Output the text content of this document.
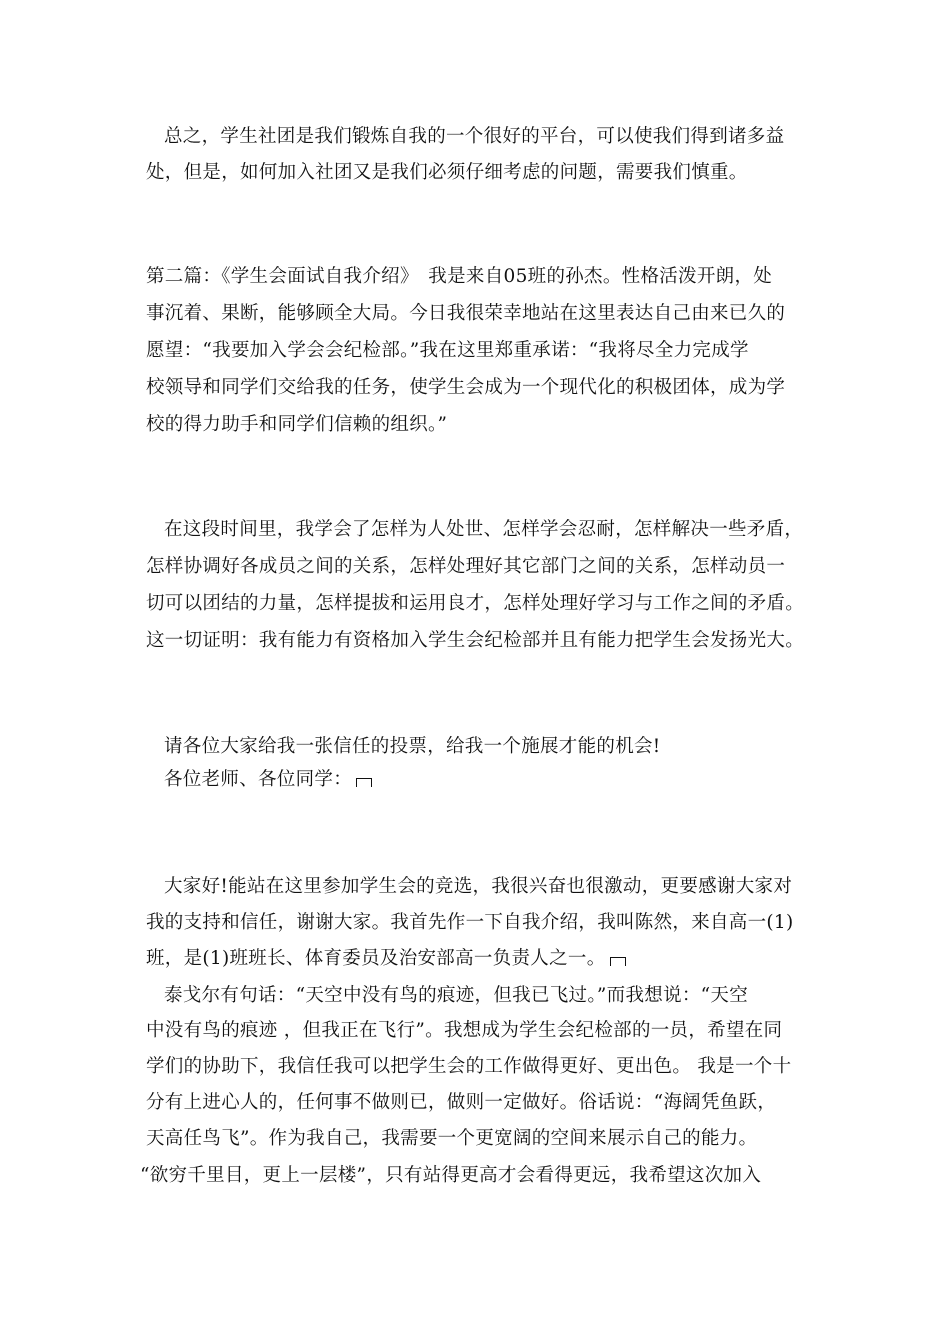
总之，学生社团是我们锻炼自我的一个很好的平台，可以使我们得到诸多益
处，但是，如何加入社团又是我们必须仔细考虑的问题，需要我们慎重。
第二篇：《学生会面试自我介绍》　我是来自05班的孙杰。性格活泼开朗，处
事沉着、果断，能够顾全大局。今日我很荣幸地站在这里表达自己由来已久的
愿望：“我要加入学会会纪检部。”我在这里郑重承诺：“我将尽全力完成学
校领导和同学们交给我的任务，使学生会成为一个现代化的积极团体，成为学
校的得力助手和同学们信赖的组织。”
在这段时间里，我学会了怎样为人处世、怎样学会忍耐，怎样解决一些矛盾，
怎样协调好各成员之间的关系，怎样处理好其它部门之间的关系，怎样动员一
切可以团结的力量，怎样提拔和运用良才，怎样处理好学习与工作之间的矛盾。
这一切证明：我有能力有资格加入学生会纪检部并且有能力把学生会发扬光大。
请各位大家给我一张信任的投票，给我一个施展才能的机会!
各位老师、各位同学：
大家好!能站在这里参加学生会的竞选，我很兴奋也很激动，更要感谢大家对
我的支持和信任，谢谢大家。我首先作一下自我介绍，我叫陈然，来自高一(1)
班，是(1)班班长、体育委员及治安部高一负责人之一。
泰戈尔有句话：“天空中没有鸟的痕迹，但我已飞过。”而我想说：“天空
中没有鸟的痕迹 ，但我正在飞行”。我想成为学生会纪检部的一员，希望在同
学们的协助下，我信任我可以把学生会的工作做得更好、更出色。 我是一个十
分有上进心人的，任何事不做则已，做则一定做好。俗话说：“海阔凭鱼跃，
天高任鸟飞”。作为我自己，我需要一个更宽阔的空间来展示自己的能力。
“欲穷千里目，更上一层楼”，只有站得更高才会看得更远，我希望这次加入
